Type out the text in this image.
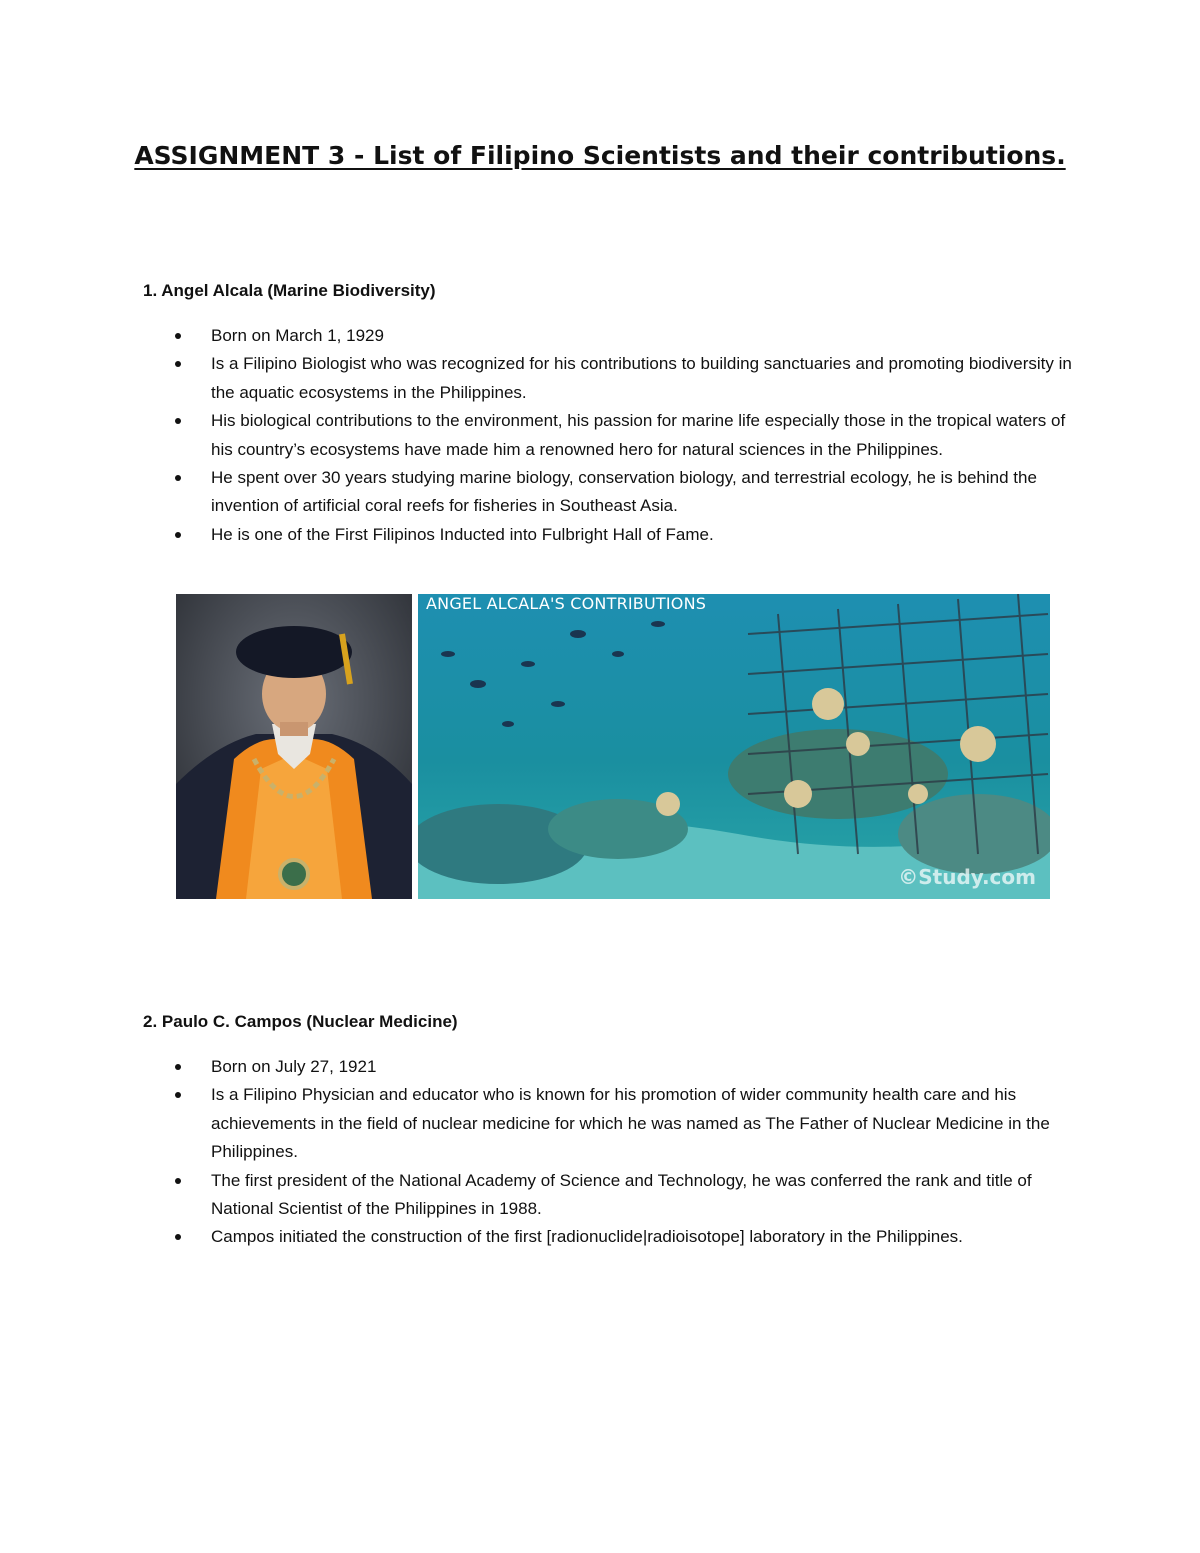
ASSIGNMENT 3 - List of Filipino Scientists and their contributions.

1. Angel Alcala (Marine Biodiversity)

Born on March 1, 1929
Is a Filipino Biologist who was recognized for his contributions to building sanctuaries and promoting biodiversity in the aquatic ecosystems in the Philippines.
His biological contributions to the environment, his passion for marine life especially those in the tropical waters of his country’s ecosystems have made him a renowned hero for natural sciences in the Philippines.
He spent over 30 years studying marine biology, conservation biology, and terrestrial ecology, he is behind the invention of artificial coral reefs for fisheries in Southeast Asia.
He is one of the First Filipinos Inducted into Fulbright Hall of Fame.
ANGEL ALCALA'S CONTRIBUTIONS
©Study.com

2. Paulo C. Campos (Nuclear Medicine)

Born on July 27, 1921
Is a Filipino Physician and educator who is known for his promotion of wider community health care and his achievements in the field of nuclear medicine for which he was named as The Father of Nuclear Medicine in the Philippines.
The first president of the National Academy of Science and Technology, he was conferred the rank and title of National Scientist of the Philippines in 1988.
Campos initiated the construction of the first [radionuclide|radioisotope] laboratory in the Philippines.
